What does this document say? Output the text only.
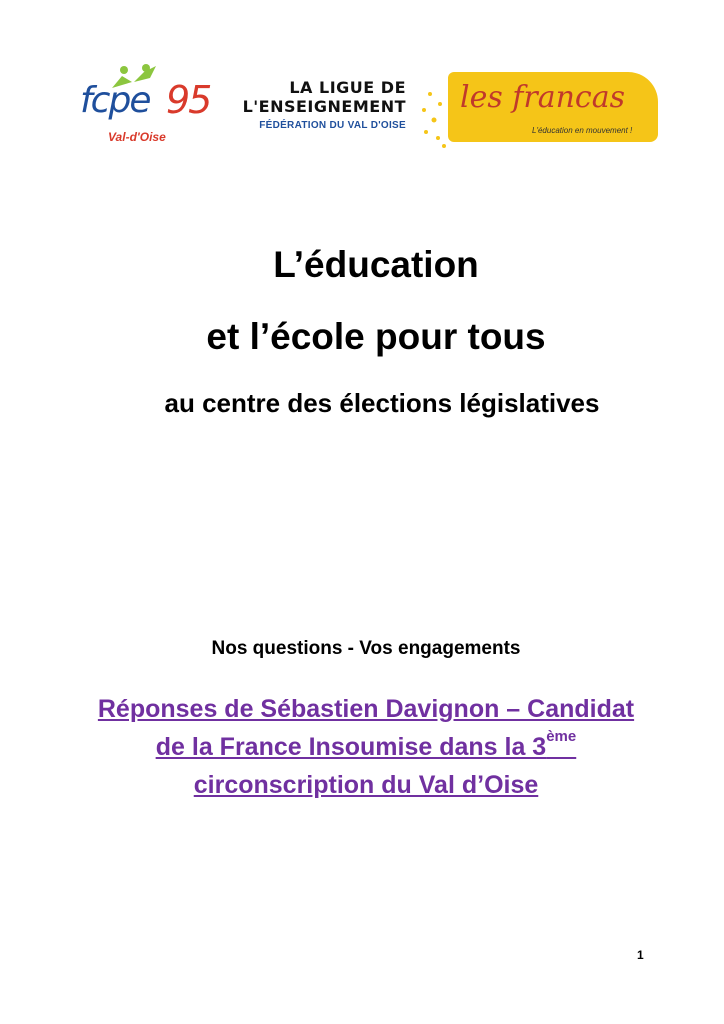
fcpe 95
Val-d'Oise
LA LIGUE DE
L'ENSEIGNEMENT
FÉDÉRATION DU VAL D'OISE
les francas
L'éducation en mouvement !
L’éducation
et l’école pour tous
au centre des élections législatives
Nos questions - Vos engagements
Réponses de Sébastien Davignon – Candidat
de la France Insoumise dans la 3ème
circonscription du Val d’Oise
1
